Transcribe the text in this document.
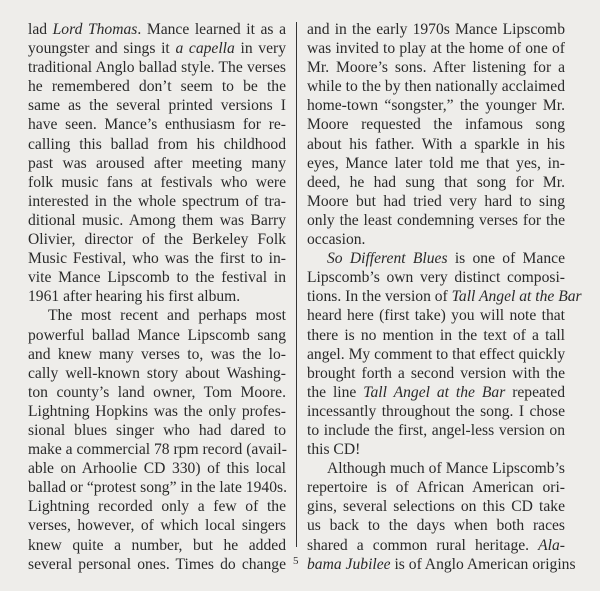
lad Lord Thomas. Mance learned it as a
youngster and sings it a capella in very
traditional Anglo ballad style. The verses
he remembered don’t seem to be the
same as the several printed versions I
have seen. Mance’s enthusiasm for re-
calling this ballad from his childhood
past was aroused after meeting many
folk music fans at festivals who were
interested in the whole spectrum of tra-
ditional music. Among them was Barry
Olivier, director of the Berkeley Folk
Music Festival, who was the first to in-
vite Mance Lipscomb to the festival in
1961 after hearing his first album.
The most recent and perhaps most
powerful ballad Mance Lipscomb sang
and knew many verses to, was the lo-
cally well-known story about Washing-
ton county’s land owner, Tom Moore.
Lightning Hopkins was the only profes-
sional blues singer who had dared to
make a commercial 78 rpm record (avail-
able on Arhoolie CD 330) of this local
ballad or “protest song” in the late 1940s.
Lightning recorded only a few of the
verses, however, of which local singers
knew quite a number, but he added
several personal ones. Times do change
and in the early 1970s Mance Lipscomb
was invited to play at the home of one of
Mr. Moore’s sons. After listening for a
while to the by then nationally acclaimed
home-town “songster,” the younger Mr.
Moore requested the infamous song
about his father. With a sparkle in his
eyes, Mance later told me that yes, in-
deed, he had sung that song for Mr.
Moore but had tried very hard to sing
only the least condemning verses for the
occasion.
So Different Blues is one of Mance
Lipscomb’s own very distinct composi-
tions. In the version of Tall Angel at the Bar
heard here (first take) you will note that
there is no mention in the text of a tall
angel. My comment to that effect quickly
brought forth a second version with the
the line Tall Angel at the Bar repeated
incessantly throughout the song. I chose
to include the first, angel-less version on
this CD!
Although much of Mance Lipscomb’s
repertoire is of African American ori-
gins, several selections on this CD take
us back to the days when both races
shared a common rural heritage. Ala-
bama Jubilee is of Anglo American origins
5
